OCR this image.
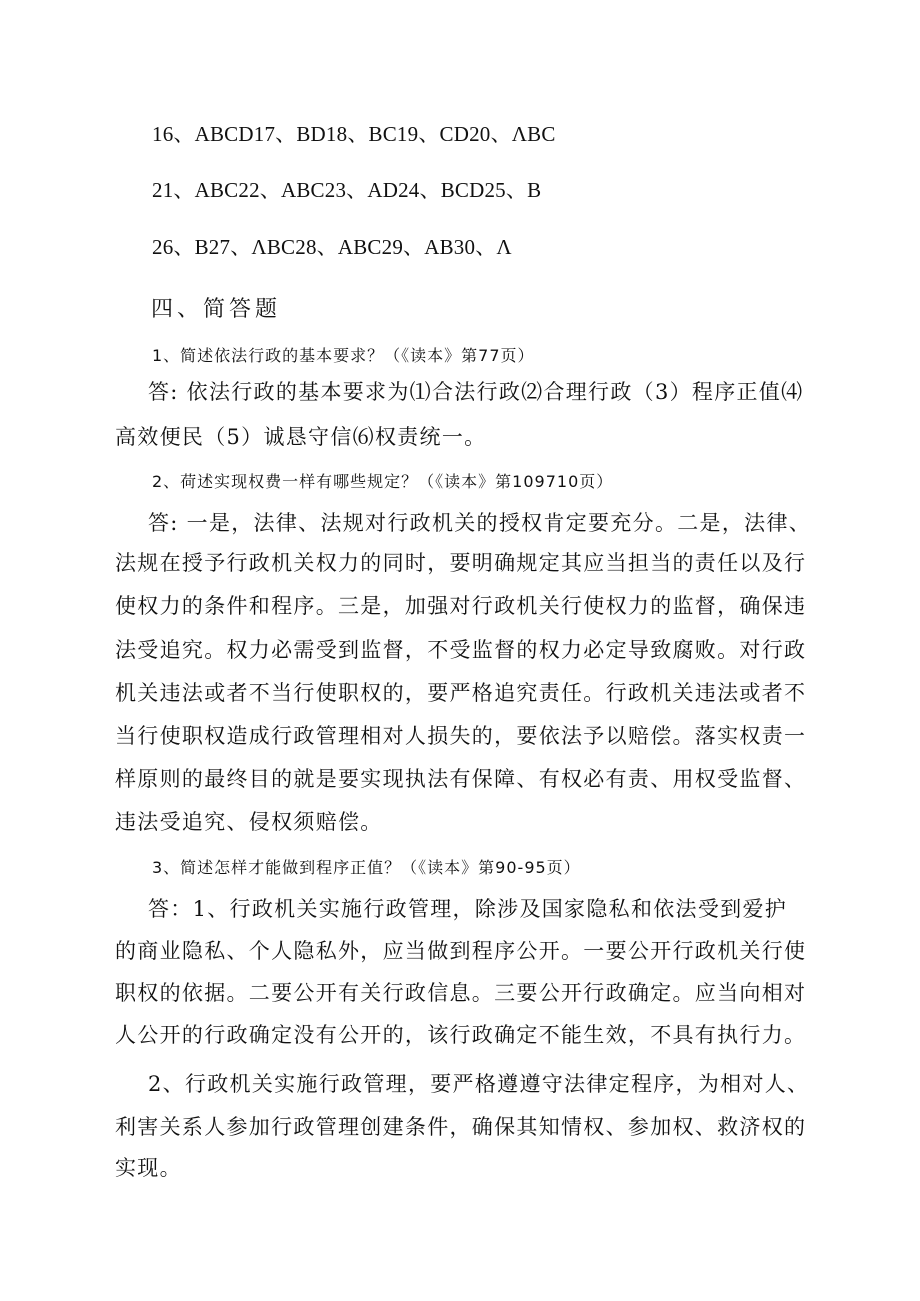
16、ABCD17、BD18、BC19、CD20、ΛBC
21、ABC22、ABC23、AD24、BCD25、B
26、B27、ΛBC28、ABC29、AB30、Λ
四、简答题
1、简述依法行政的基本要求？（《读本》第77页）
答: 依法行政的基本要求为⑴合法行政⑵合理行政（3）程序正值⑷
高效便民（5）诚恳守信⑹权责统一。
2、荷述实现权费一样有哪些规定？（《读本》第109710页）
答: 一是，法律、法规对行政机关的授权肯定要充分。二是，法律、
法规在授予行政机关权力的同时，要明确规定其应当担当的责任以及行
使权力的条件和程序。三是，加强对行政机关行使权力的监督，确保违
法受追究。权力必需受到监督，不受监督的权力必定导致腐败。对行政
机关违法或者不当行使职权的，要严格追究责任。行政机关违法或者不
当行使职权造成行政管理相对人损失的，要依法予以赔偿。落实权责一
样原则的最终目的就是要实现执法有保障、有权必有责、用权受监督、
违法受追究、侵权须赔偿。
3、简述怎样才能做到程序正值？（《读本》第90-95页）
答：1、行政机关实施行政管理，除涉及国家隐私和依法受到爱护
的商业隐私、个人隐私外，应当做到程序公开。一要公开行政机关行使
职权的依据。二要公开有关行政信息。三要公开行政确定。应当向相对
人公开的行政确定没有公开的，该行政确定不能生效，不具有执行力。
2、行政机关实施行政管理，要严格遵遵守法律定程序，为相对人、
利害关系人参加行政管理创建条件，确保其知情权、参加权、救济权的
实现。
